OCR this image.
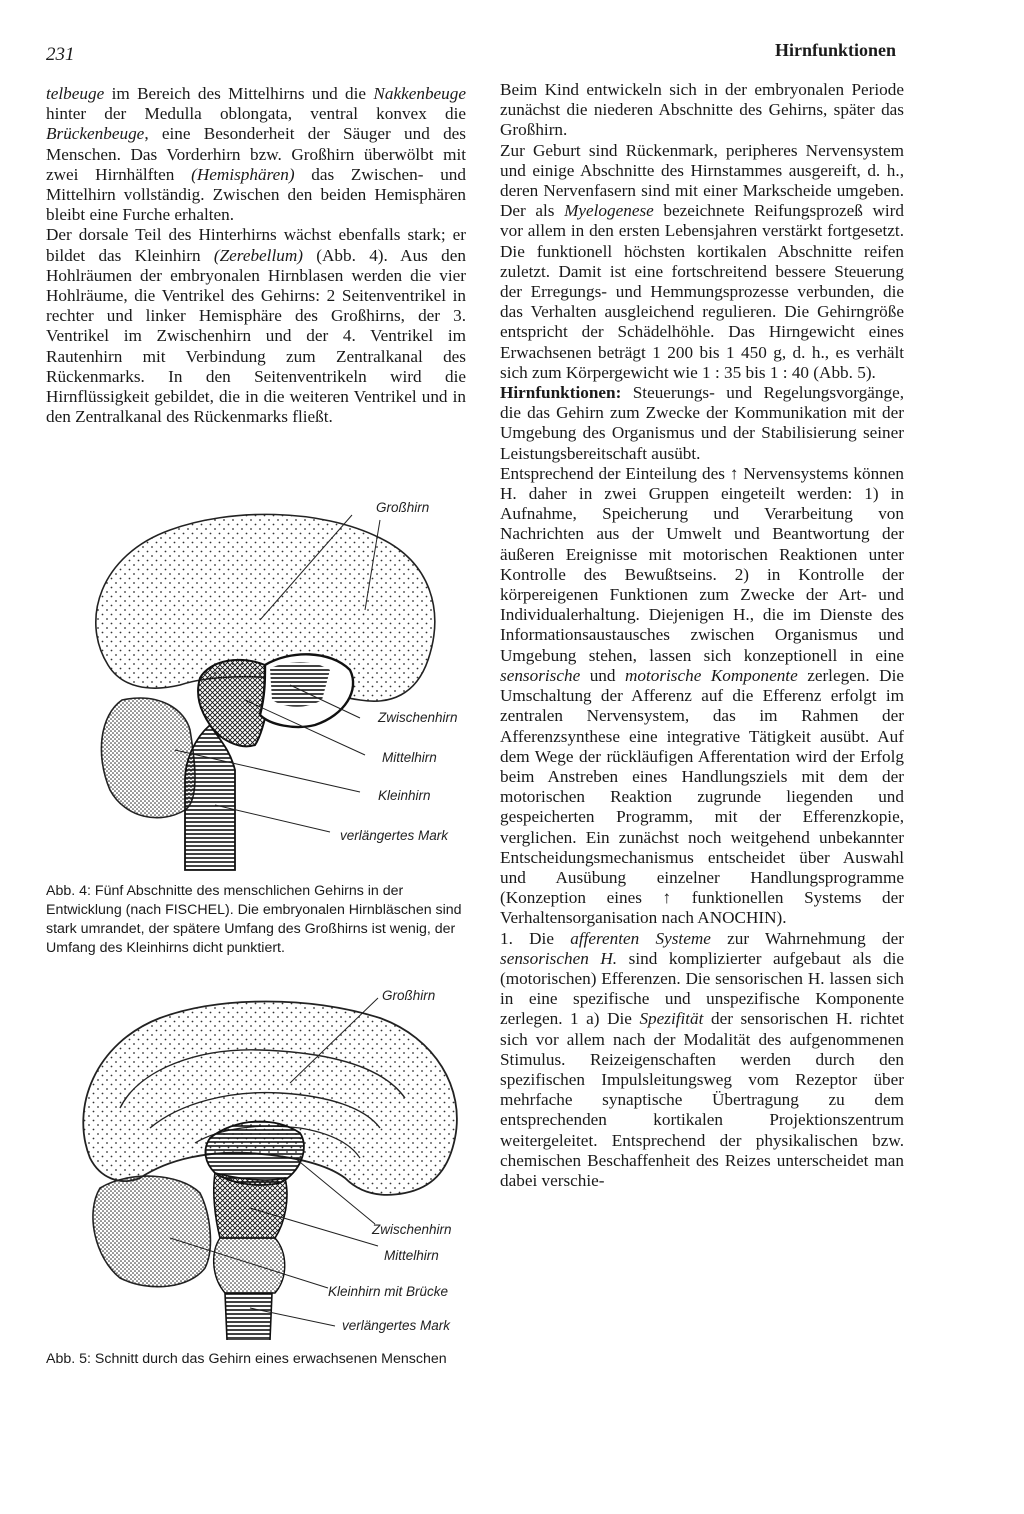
231	Hirnfunktionen

telbeuge im Bereich des Mittelhirns und die Nakkenbeuge hinter der Medulla oblongata, ventral konvex die Brückenbeuge, eine Besonderheit der Säuger und des Menschen. Das Vorderhirn bzw. Großhirn überwölbt mit zwei Hirnhälften (Hemisphären) das Zwischen- und Mittelhirn vollständig. Zwischen den beiden Hemisphären bleibt eine Furche erhalten.

Der dorsale Teil des Hinterhirns wächst ebenfalls stark; er bildet das Kleinhirn (Zerebellum) (Abb. 4). Aus den Hohlräumen der embryonalen Hirnblasen werden die vier Hohlräume, die Ventrikel des Gehirns: 2 Seitenventrikel in rechter und linker Hemisphäre des Großhirns, der 3. Ventrikel im Zwischenhirn und der 4. Ventrikel im Rautenhirn mit Verbindung zum Zentralkanal des Rückenmarks. In den Seitenventrikeln wird die Hirnflüssigkeit gebildet, die in die weiteren Ventrikel und in den Zentralkanal des Rückenmarks fließt.

Großhirn
Zwischenhirn
Mittelhirn
Kleinhirn
verlängertes Mark
Abb. 4: Fünf Abschnitte des menschlichen Gehirns in der Entwicklung (nach FISCHEL). Die embryonalen Hirnbläschen sind stark umrandet, der spätere Umfang des Großhirns ist wenig, der Umfang des Kleinhirns dicht punktiert.
Großhirn
Zwischenhirn
Mittelhirn
Kleinhirn mit Brücke
verlängertes Mark
Abb. 5: Schnitt durch das Gehirn eines erwachsenen Menschen

Beim Kind entwickeln sich in der embryonalen Periode zunächst die niederen Abschnitte des Gehirns, später das Großhirn.

Zur Geburt sind Rückenmark, peripheres Nervensystem und einige Abschnitte des Hirnstammes ausgereift, d. h., deren Nervenfasern sind mit einer Markscheide umgeben. Der als Myelogenese bezeichnete Reifungsprozeß wird vor allem in den ersten Lebensjahren verstärkt fortgesetzt. Die funktionell höchsten kortikalen Abschnitte reifen zuletzt. Damit ist eine fortschreitend bessere Steuerung der Erregungs- und Hemmungsprozesse verbunden, die das Verhalten ausgleichend regulieren. Die Gehirngröße entspricht der Schädelhöhle. Das Hirngewicht eines Erwachsenen beträgt 1 200 bis 1 450 g, d. h., es verhält sich zum Körpergewicht wie 1 : 35 bis 1 : 40 (Abb. 5).

Hirnfunktionen: Steuerungs- und Regelungsvorgänge, die das Gehirn zum Zwecke der Kommunikation mit der Umgebung des Organismus und der Stabilisierung seiner Leistungsbereitschaft ausübt.

Entsprechend der Einteilung des ↑ Nervensystems können H. daher in zwei Gruppen eingeteilt werden: 1) in Aufnahme, Speicherung und Verarbeitung von Nachrichten aus der Umwelt und Beantwortung der äußeren Ereignisse mit motorischen Reaktionen unter Kontrolle des Bewußtseins. 2) in Kontrolle der körpereigenen Funktionen zum Zwecke der Art- und Individualerhaltung. Diejenigen H., die im Dienste des Informationsaustausches zwischen Organismus und Umgebung stehen, lassen sich konzeptionell in eine sensorische und motorische Komponente zerlegen. Die Umschaltung der Afferenz auf die Efferenz erfolgt im zentralen Nervensystem, das im Rahmen der Afferenzsynthese eine integrative Tätigkeit ausübt. Auf dem Wege der rückläufigen Afferentation wird der Erfolg beim Anstreben eines Handlungsziels mit dem der motorischen Reaktion zugrunde liegenden und gespeicherten Programm, mit der Efferenzkopie, verglichen. Ein zunächst noch weitgehend unbekannter Entscheidungsmechanismus entscheidet über Auswahl und Ausübung einzelner Handlungsprogramme (Konzeption eines ↑ funktionellen Systems der Verhaltensorganisation nach ANOCHIN).

1. Die afferenten Systeme zur Wahrnehmung der sensorischen H. sind komplizierter aufgebaut als die (motorischen) Efferenzen. Die sensorischen H. lassen sich in eine spezifische und unspezifische Komponente zerlegen. 1 a) Die Spezifität der sensorischen H. richtet sich vor allem nach der Modalität des aufgenommenen Stimulus. Reizeigenschaften werden durch den spezifischen Impulsleitungsweg vom Rezeptor über mehrfache synaptische Übertragung zu dem entsprechenden kortikalen Projektionszentrum weitergeleitet. Entsprechend der physikalischen bzw. chemischen Beschaffenheit des Reizes unterscheidet man dabei verschie-
